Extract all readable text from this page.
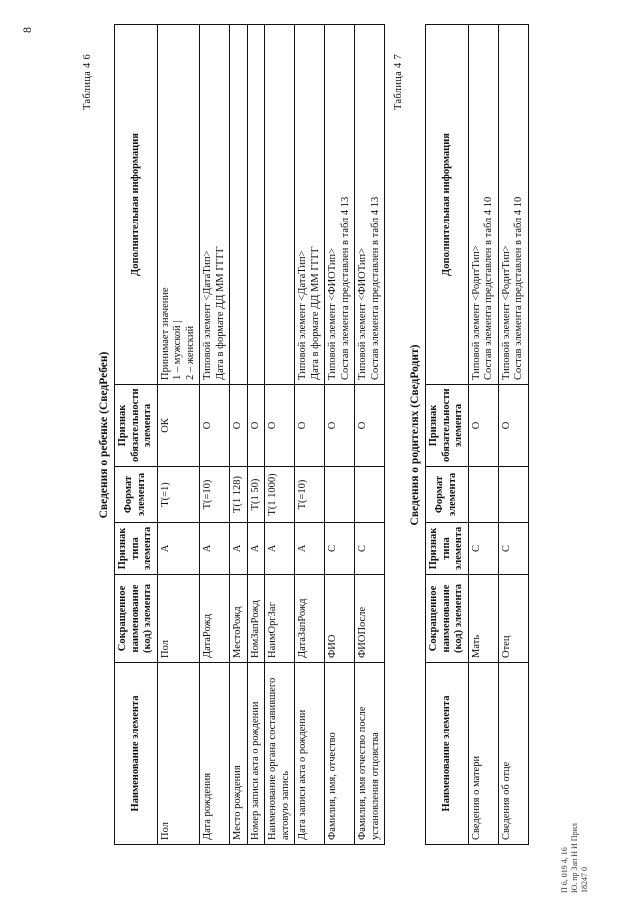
8
П 6, 019 4, 16 Ю. пр Зап Н И Прил 18247 0
Таблица 4 6
Сведения о ребенке (СведРебен)
Наименование элемента	Сокращенное наименование (код) элемента	Признак типа элемента	Формат элемента	Признак обязательности элемента	Дополнительная информация
Пол	Пол	А	Т(=1)	ОК	Принимает значение 1 – мужской | 2 – женский

Дата рождения	ДатаРожд	А	Т(=10)	О	Типовой элемент <ДатаТип> Дата в формате ДД ММ ГГГГ

Место рождения	МестоРожд	А	Т(1 128)	О	
Номер записи акта о рождении	НомЗапРожд	А	Т(1 50)	О	
Наименование органа составившего актовую запись	НаимОргЗаг	А	Т(1 1000)	О	
Дата записи акта о рождении	ДатаЗапРожд	А	Т(=10)	О	Типовой элемент <ДатаТип> Дата в формате ДД ММ ГГГГ

Фамилия, имя, отчество	ФИО	С		О	Типовой элемент <ФИОТип> Состав элемента представлен в табл 4 13

Фамилия, имя отчество после установления отцовства	ФИОПосле	С		О	Типовой элемент <ФИОТип> Состав элемента представлен в табл 4 13
Таблица 4 7
Сведения о родителях (СведРодит)
Наименование элемента	Сокращенное наименование (код) элемента	Признак типа элемента	Формат элемента	Признак обязательности элемента	Дополнительная информация
Сведения о матери	Мать	С		О	Типовой элемент <РодитТип> Состав элемента представлен в табл 4 10

Сведения об отце	Отец	С		О	Типовой элемент <РодитТип> Состав элемента представлен в табл 4 10
